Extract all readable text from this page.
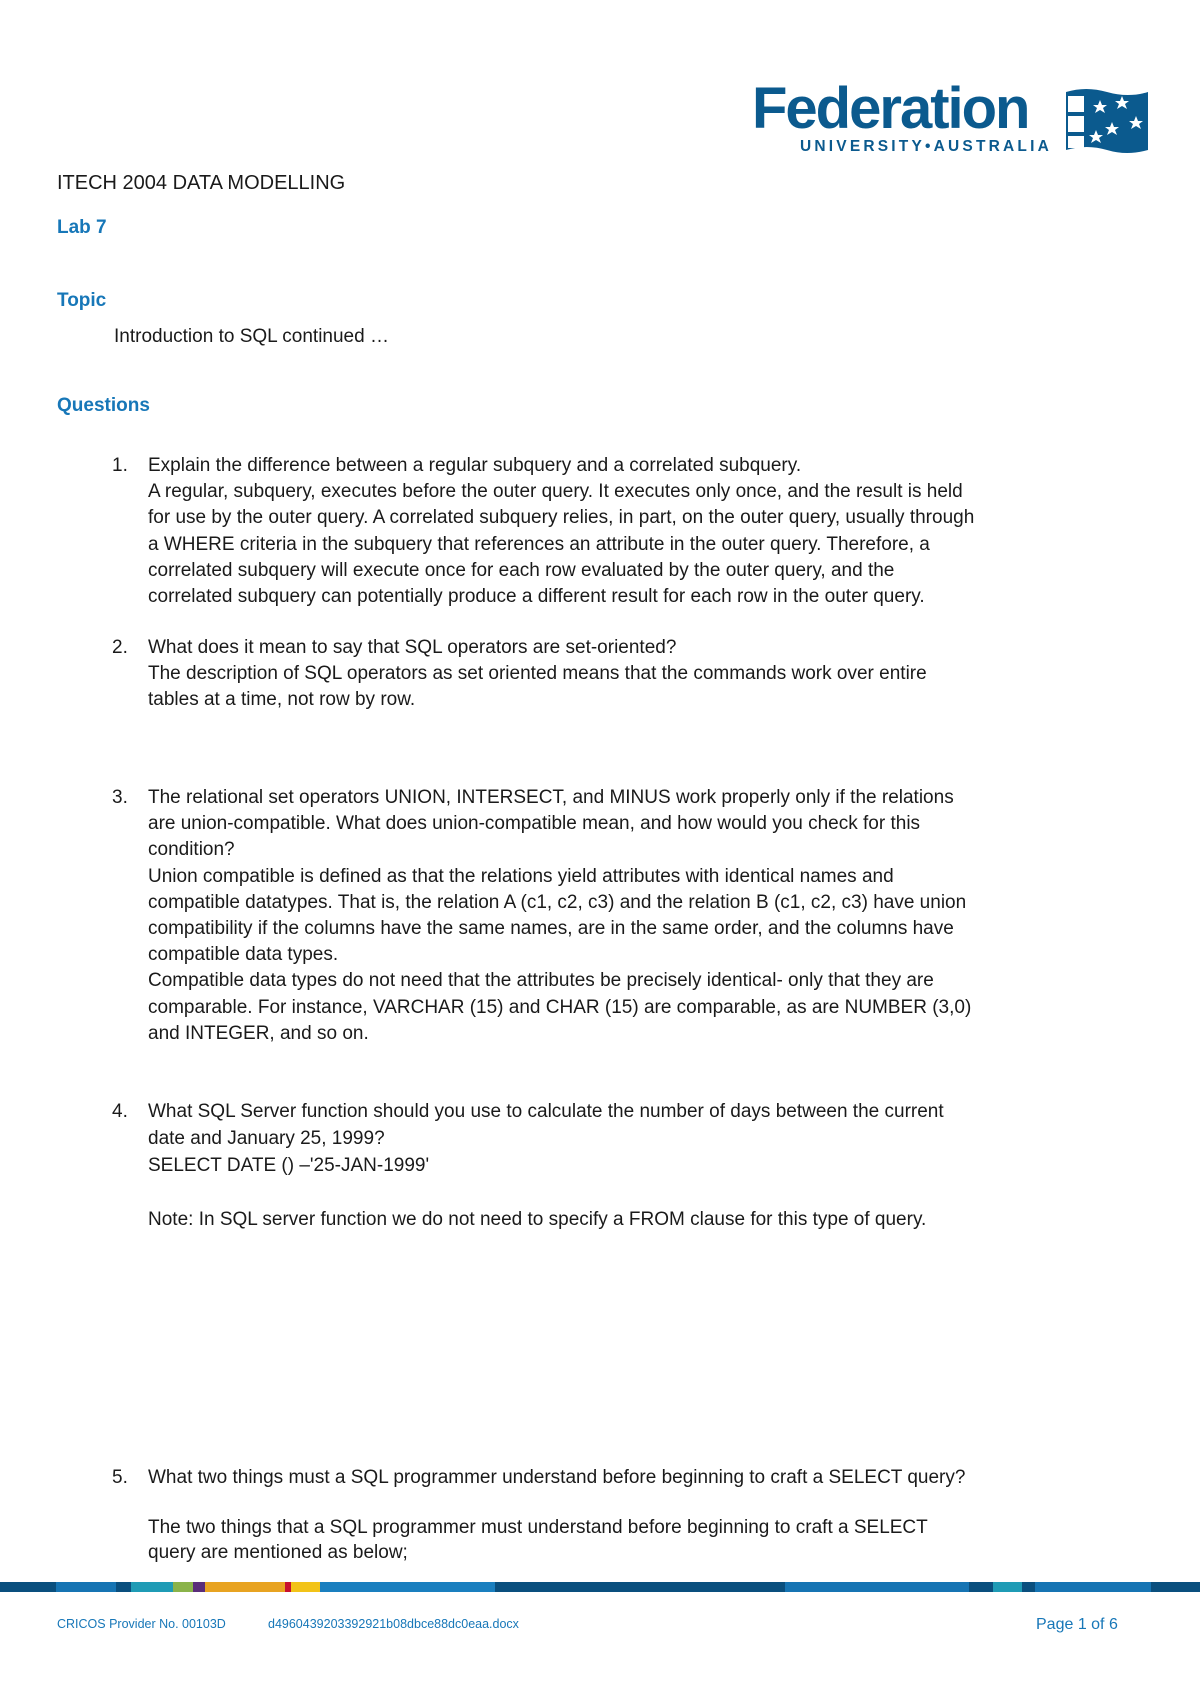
Federation
UNIVERSITY•AUSTRALIA
ITECH 2004 DATA MODELLING
Lab 7
Topic
Introduction to SQL continued …
Questions
1. Explain the difference between a regular subquery and a correlated subquery.

A regular, subquery, executes before the outer query. It executes only once, and the result is held

for use by the outer query. A correlated subquery relies, in part, on the outer query, usually through

a WHERE criteria in the subquery that references an attribute in the outer query. Therefore, a

correlated subquery will execute once for each row evaluated by the outer query, and the

correlated subquery can potentially produce a different result for each row in the outer query.

2. What does it mean to say that SQL operators are set-oriented?

The description of SQL operators as set oriented means that the commands work over entire

tables at a time, not row by row.

3. The relational set operators UNION, INTERSECT, and MINUS work properly only if the relations

are union-compatible. What does union-compatible mean, and how would you check for this

condition?

Union compatible is defined as that the relations yield attributes with identical names and

compatible datatypes. That is, the relation A (c1, c2, c3) and the relation B (c1, c2, c3) have union

compatibility if the columns have the same names, are in the same order, and the columns have

compatible data types.

Compatible data types do not need that the attributes be precisely identical- only that they are

comparable. For instance, VARCHAR (15) and CHAR (15) are comparable, as are NUMBER (3,0)

and INTEGER, and so on.

4. What SQL Server function should you use to calculate the number of days between the current

date and January 25, 1999?

SELECT DATE () –'25-JAN-1999'

Note: In SQL server function we do not need to specify a FROM clause for this type of query.

5. What two things must a SQL programmer understand before beginning to craft a SELECT query?

The two things that a SQL programmer must understand before beginning to craft a SELECT

query are mentioned as below;

CRICOS Provider No. 00103D	d4960439203392921b08dbce88dc0eaa.docx	Page 1 of 6
